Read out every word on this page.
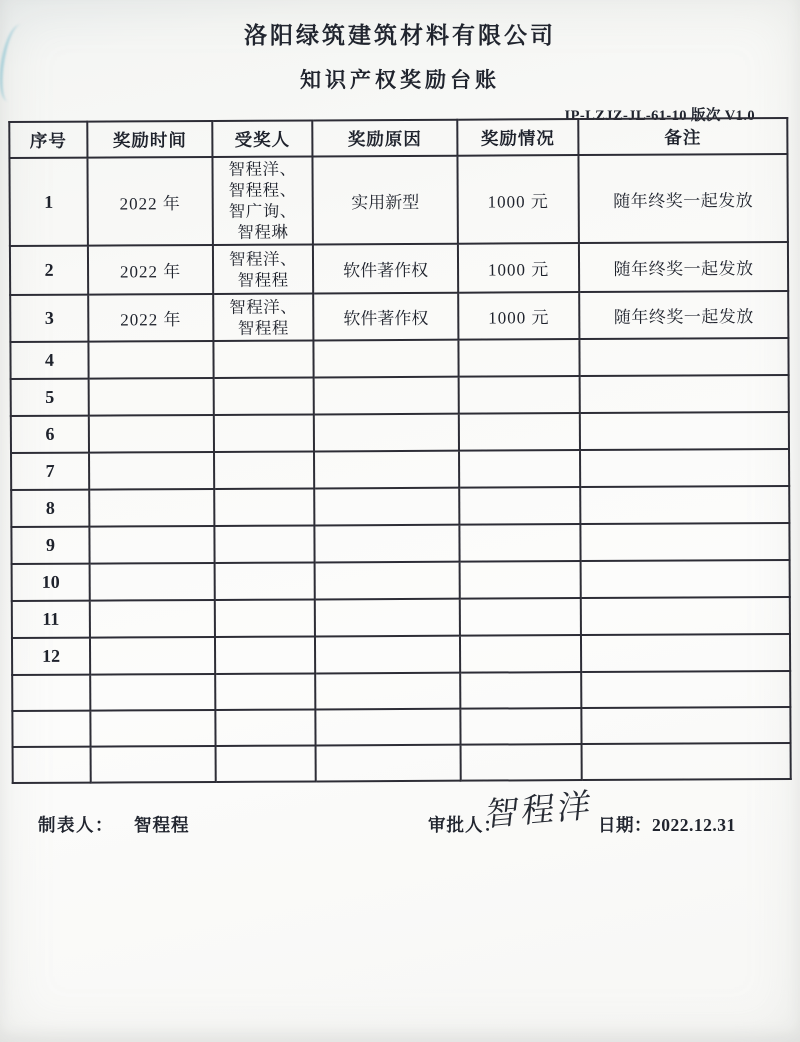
洛阳绿筑建筑材料有限公司
知识产权奖励台账
IP-LZJZ-JL-61-10 版次 V1.0
序号	奖励时间	受奖人	奖励原因	奖励情况	备注
1	2022 年	智程洋、
智程程、
智广询、
智程琳	实用新型	1000 元	随年终奖一起发放
2	2022 年	智程洋、
智程程	软件著作权	1000 元	随年终奖一起发放
3	2022 年	智程洋、
智程程	软件著作权	1000 元	随年终奖一起发放
4					
5					
6					
7					
8					
9					
10					
11					
12					

制表人： 智程程	审批人：
智程洋 日期：2022.12.31
